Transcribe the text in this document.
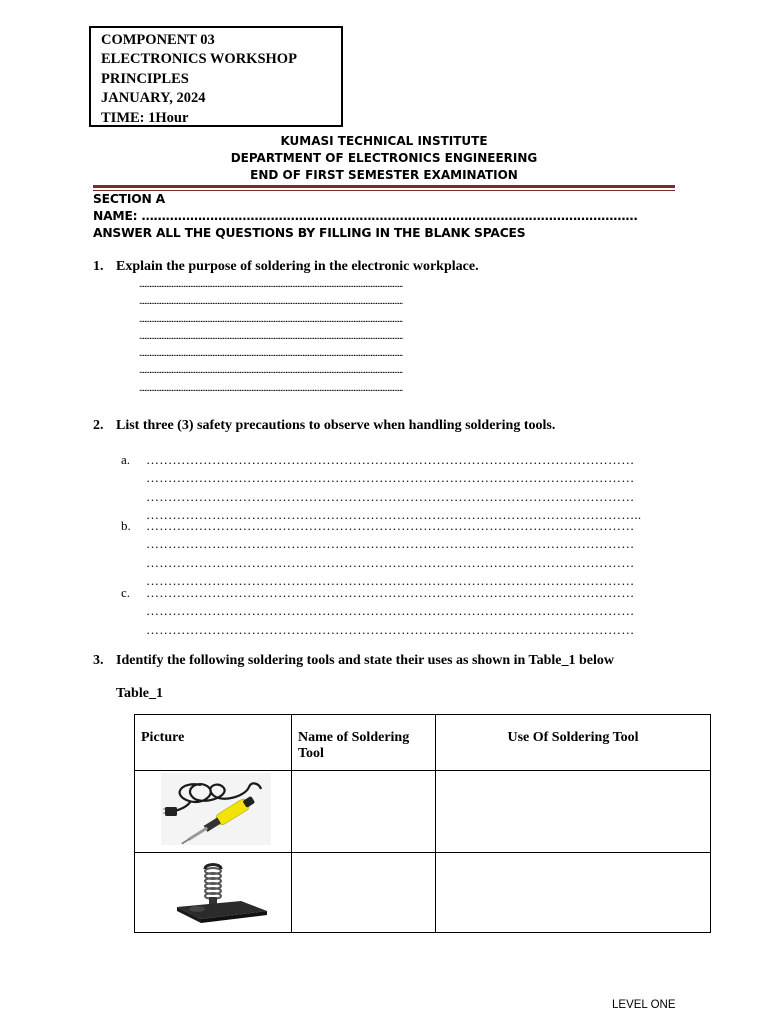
COMPONENT 03
ELECTRONICS WORKSHOP
PRINCIPLES
JANUARY, 2024
TIME: 1Hour
KUMASI TECHNICAL INSTITUTE
DEPARTMENT OF ELECTRONICS ENGINEERING
END OF FIRST SEMESTER EXAMINATION
SECTION A
NAME: ……………………………………………………………………………………………………………
ANSWER ALL THE QUESTIONS BY FILLING IN THE BLANK SPACES
1. Explain the purpose of soldering in the electronic workplace.
...........................................................................................................................................................
...........................................................................................................................................................
...........................................................................................................................................................
...........................................................................................................................................................
...........................................................................................................................................................
...........................................................................................................................................................
...........................................................................................................................................................
2. List three (3) safety precautions to observe when handling soldering tools.
a.	…………………………………………………………………………………………………
…………………………………………………………………………………………………
…………………………………………………………………………………………………
…………………………………………………………………………………………………..
b.	…………………………………………………………………………………………………
…………………………………………………………………………………………………
…………………………………………………………………………………………………
…………………………………………………………………………………………………
c.	…………………………………………………………………………………………………
…………………………………………………………………………………………………
…………………………………………………………………………………………………
3. Identify the following soldering tools and state their uses as shown in Table_1 below
Table_1
Picture	Name of Soldering Tool	Use Of Soldering Tool

LEVEL ONE
